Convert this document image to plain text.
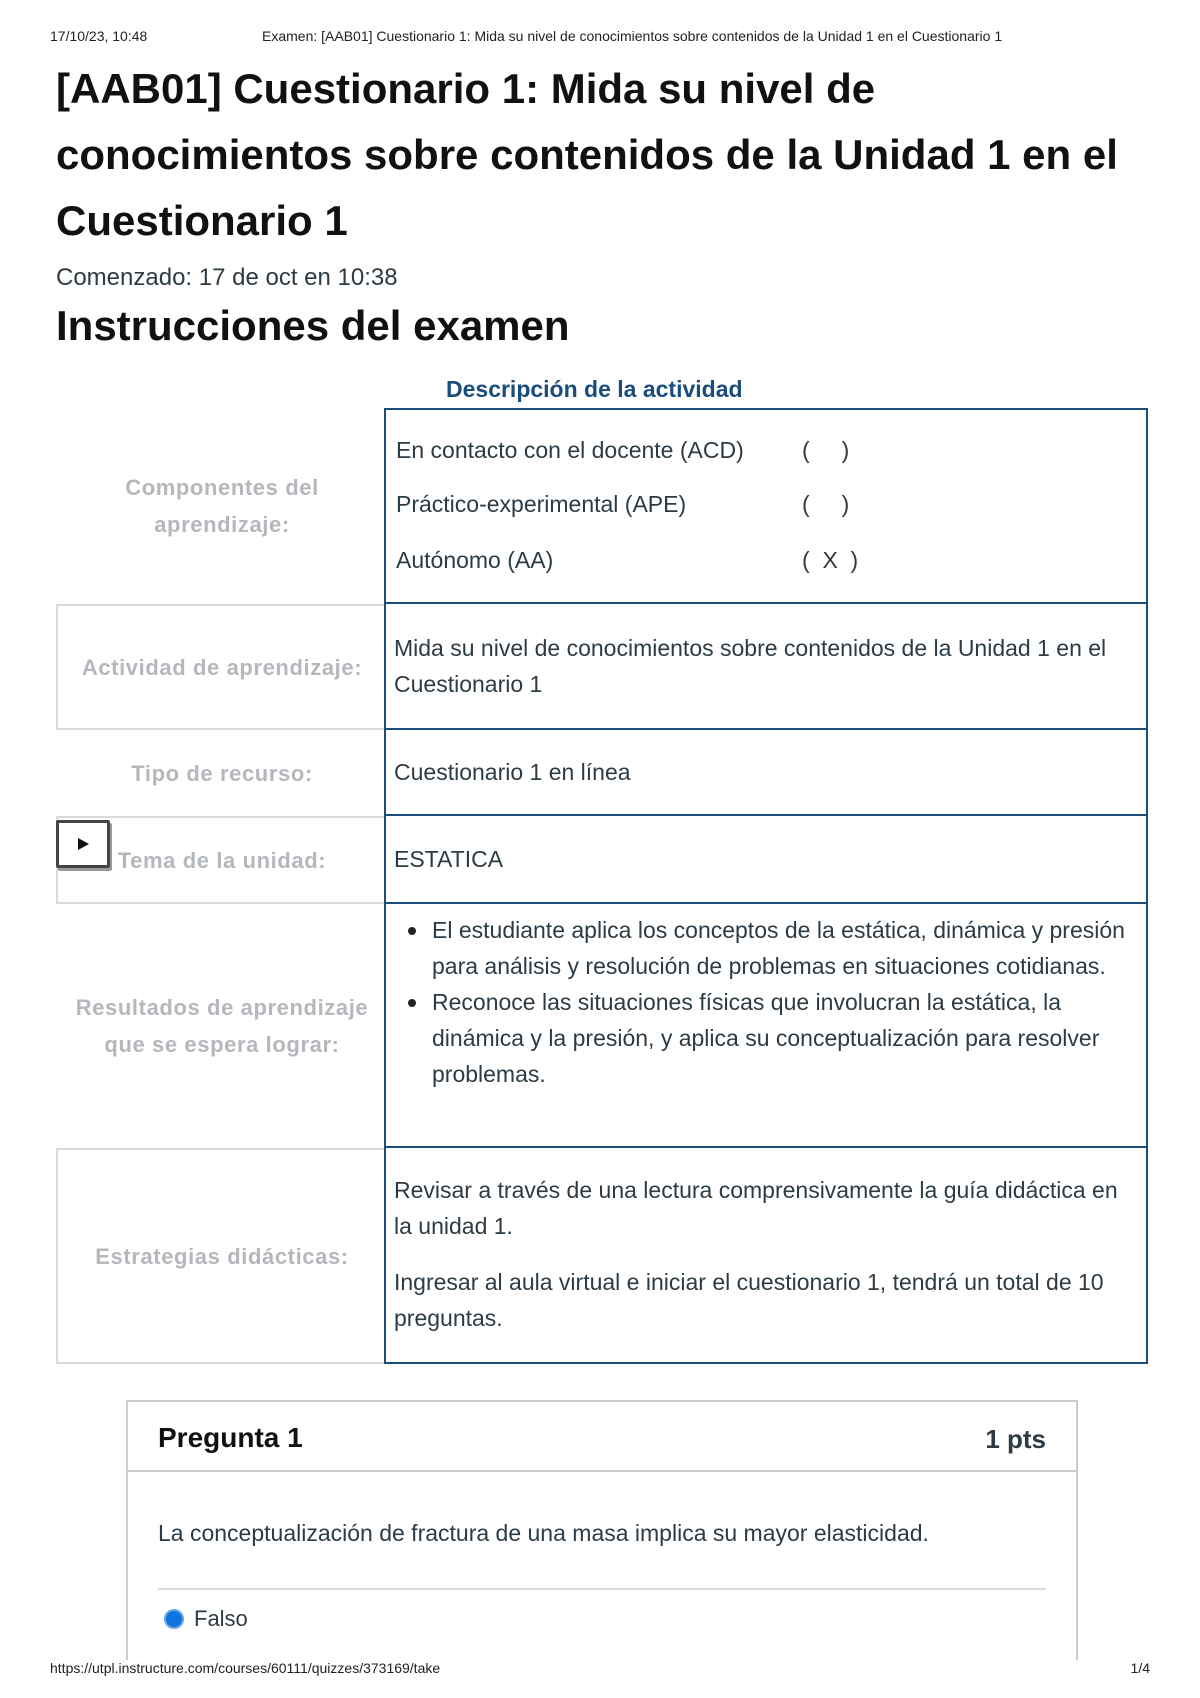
17/10/23, 10:48	Examen: [AAB01] Cuestionario 1: Mida su nivel de conocimientos sobre contenidos de la Unidad 1 en el Cuestionario 1
[AAB01] Cuestionario 1: Mida su nivel de conocimientos sobre contenidos de la Unidad 1 en el Cuestionario 1
Comenzado: 17 de oct en 10:38
Instrucciones del examen
Descripción de la actividad
Componentes del aprendizaje:
En contacto con el docente (ACD)	(     )
Práctico-experimental (APE)	(     )
Autónomo (AA)	(  X  )
Actividad de aprendizaje:
Mida su nivel de conocimientos sobre contenidos de la Unidad 1 en el Cuestionario 1
Tipo de recurso:	Cuestionario 1 en línea
Tema de la unidad:	ESTATICA
Resultados de aprendizaje que se espera lograr:
El estudiante aplica los conceptos de la estática, dinámica y presión para análisis y resolución de problemas en situaciones cotidianas.
Reconoce las situaciones físicas que involucran la estática, la dinámica y la presión, y aplica su conceptualización para resolver problemas.
Estrategias didácticas:

Revisar a través de una lectura comprensivamente la guía didáctica en la unidad 1.

Ingresar al aula virtual e iniciar el cuestionario 1, tendrá un total de 10 preguntas.

Pregunta 1	1 pts
La conceptualización de fractura de una masa implica su mayor elasticidad.
Falso
https://utpl.instructure.com/courses/60111/quizzes/373169/take	1/4
